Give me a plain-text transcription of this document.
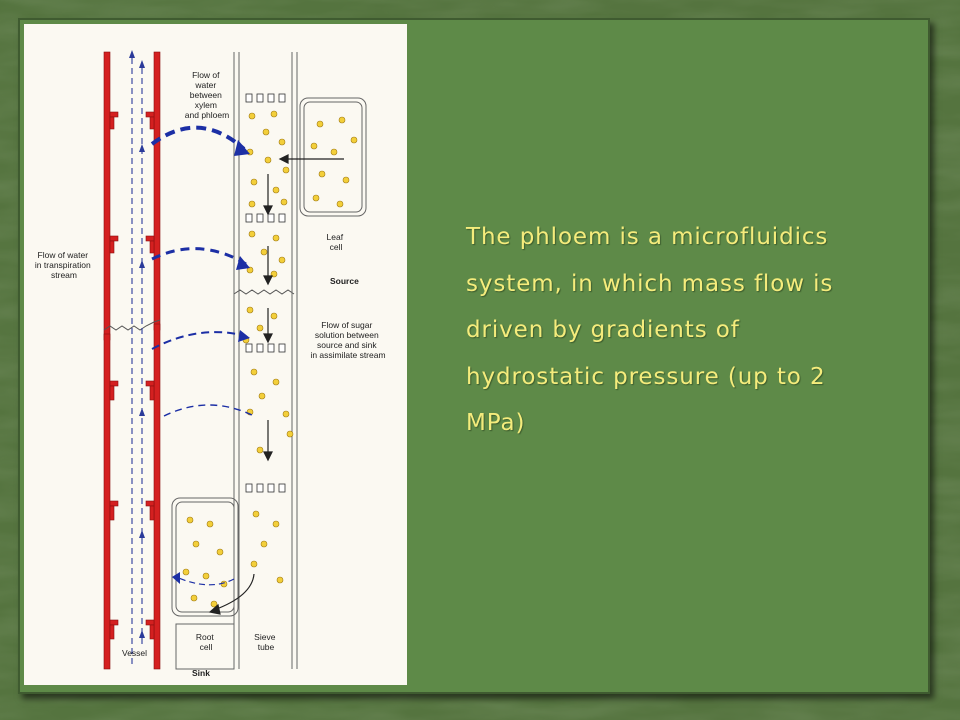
Flow of water between xylem and phloem
Flow of water in transpiration stream
Leaf cell
Source
Flow of sugar solution between source and sink in assimilate stream
Root cell
Sieve tube
Vessel
Sink
The phloem is a microfluidics system, in which mass flow is driven by gradients of hydrostatic pressure (up to 2 MPa)
